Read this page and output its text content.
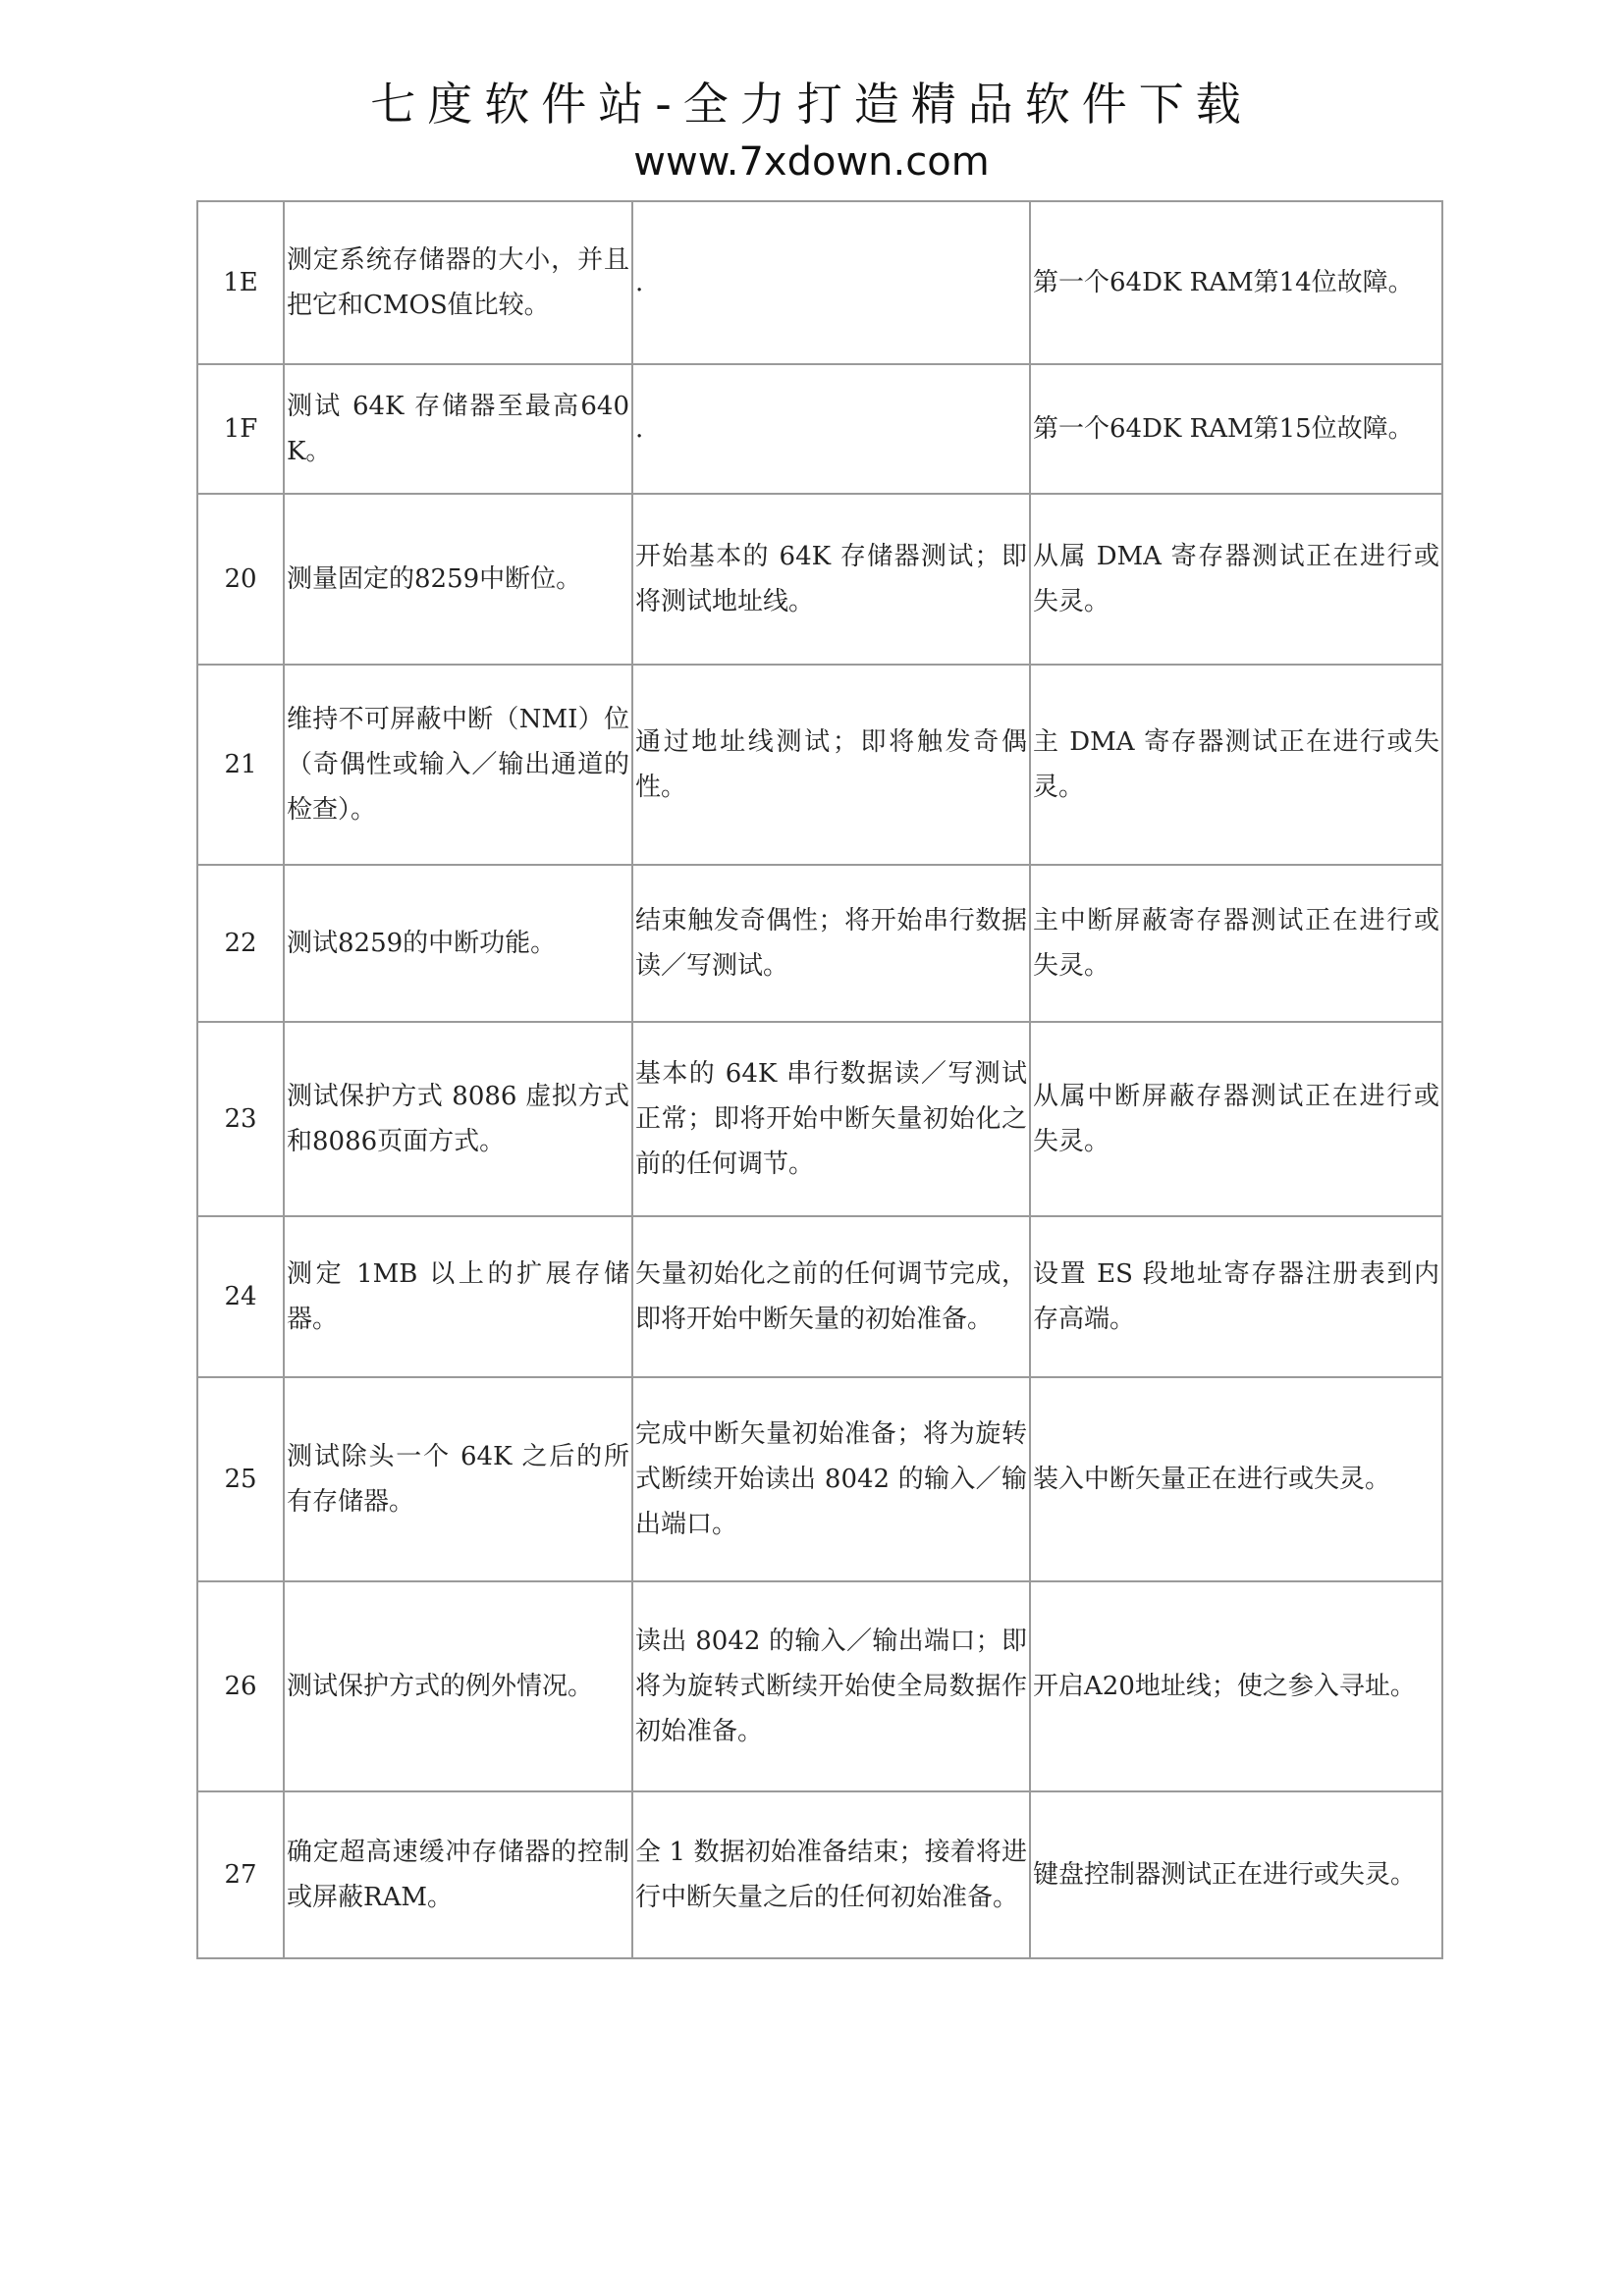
七度软件站-全力打造精品软件下载
www.7xdown.com
1E	测定系统存储器的大小，并且把它和CMOS值比较。	.	第一个64DK RAM第14位故障。
1F	测试 64K 存储器至最高640K。	.	第一个64DK RAM第15位故障。
20	测量固定的8259中断位。	开始基本的 64K 存储器测试；即将测试地址线。	从属 DMA 寄存器测试正在进行或失灵。
21	维持不可屏蔽中断（NMI）位（奇偶性或输入／输出通道的检查）。	通过地址线测试；即将触发奇偶性。	主 DMA 寄存器测试正在进行或失灵。
22	测试8259的中断功能。	结束触发奇偶性；将开始串行数据读／写测试。	主中断屏蔽寄存器测试正在进行或失灵。
23	测试保护方式 8086 虚拟方式和8086页面方式。	基本的 64K 串行数据读／写测试正常；即将开始中断矢量初始化之前的任何调节。	从属中断屏蔽存器测试正在进行或失灵。
24	测定 1MB 以上的扩展存储器。	矢量初始化之前的任何调节完成，即将开始中断矢量的初始准备。	设置 ES 段地址寄存器注册表到内存高端。
25	测试除头一个 64K 之后的所有存储器。	完成中断矢量初始准备；将为旋转式断续开始读出 8042 的输入／输出端口。	装入中断矢量正在进行或失灵。
26	测试保护方式的例外情况。	读出 8042 的输入／输出端口；即将为旋转式断续开始使全局数据作初始准备。	开启A20地址线；使之参入寻址。
27	确定超高速缓冲存储器的控制或屏蔽RAM。	全 1 数据初始准备结束；接着将进行中断矢量之后的任何初始准备。	键盘控制器测试正在进行或失灵。
